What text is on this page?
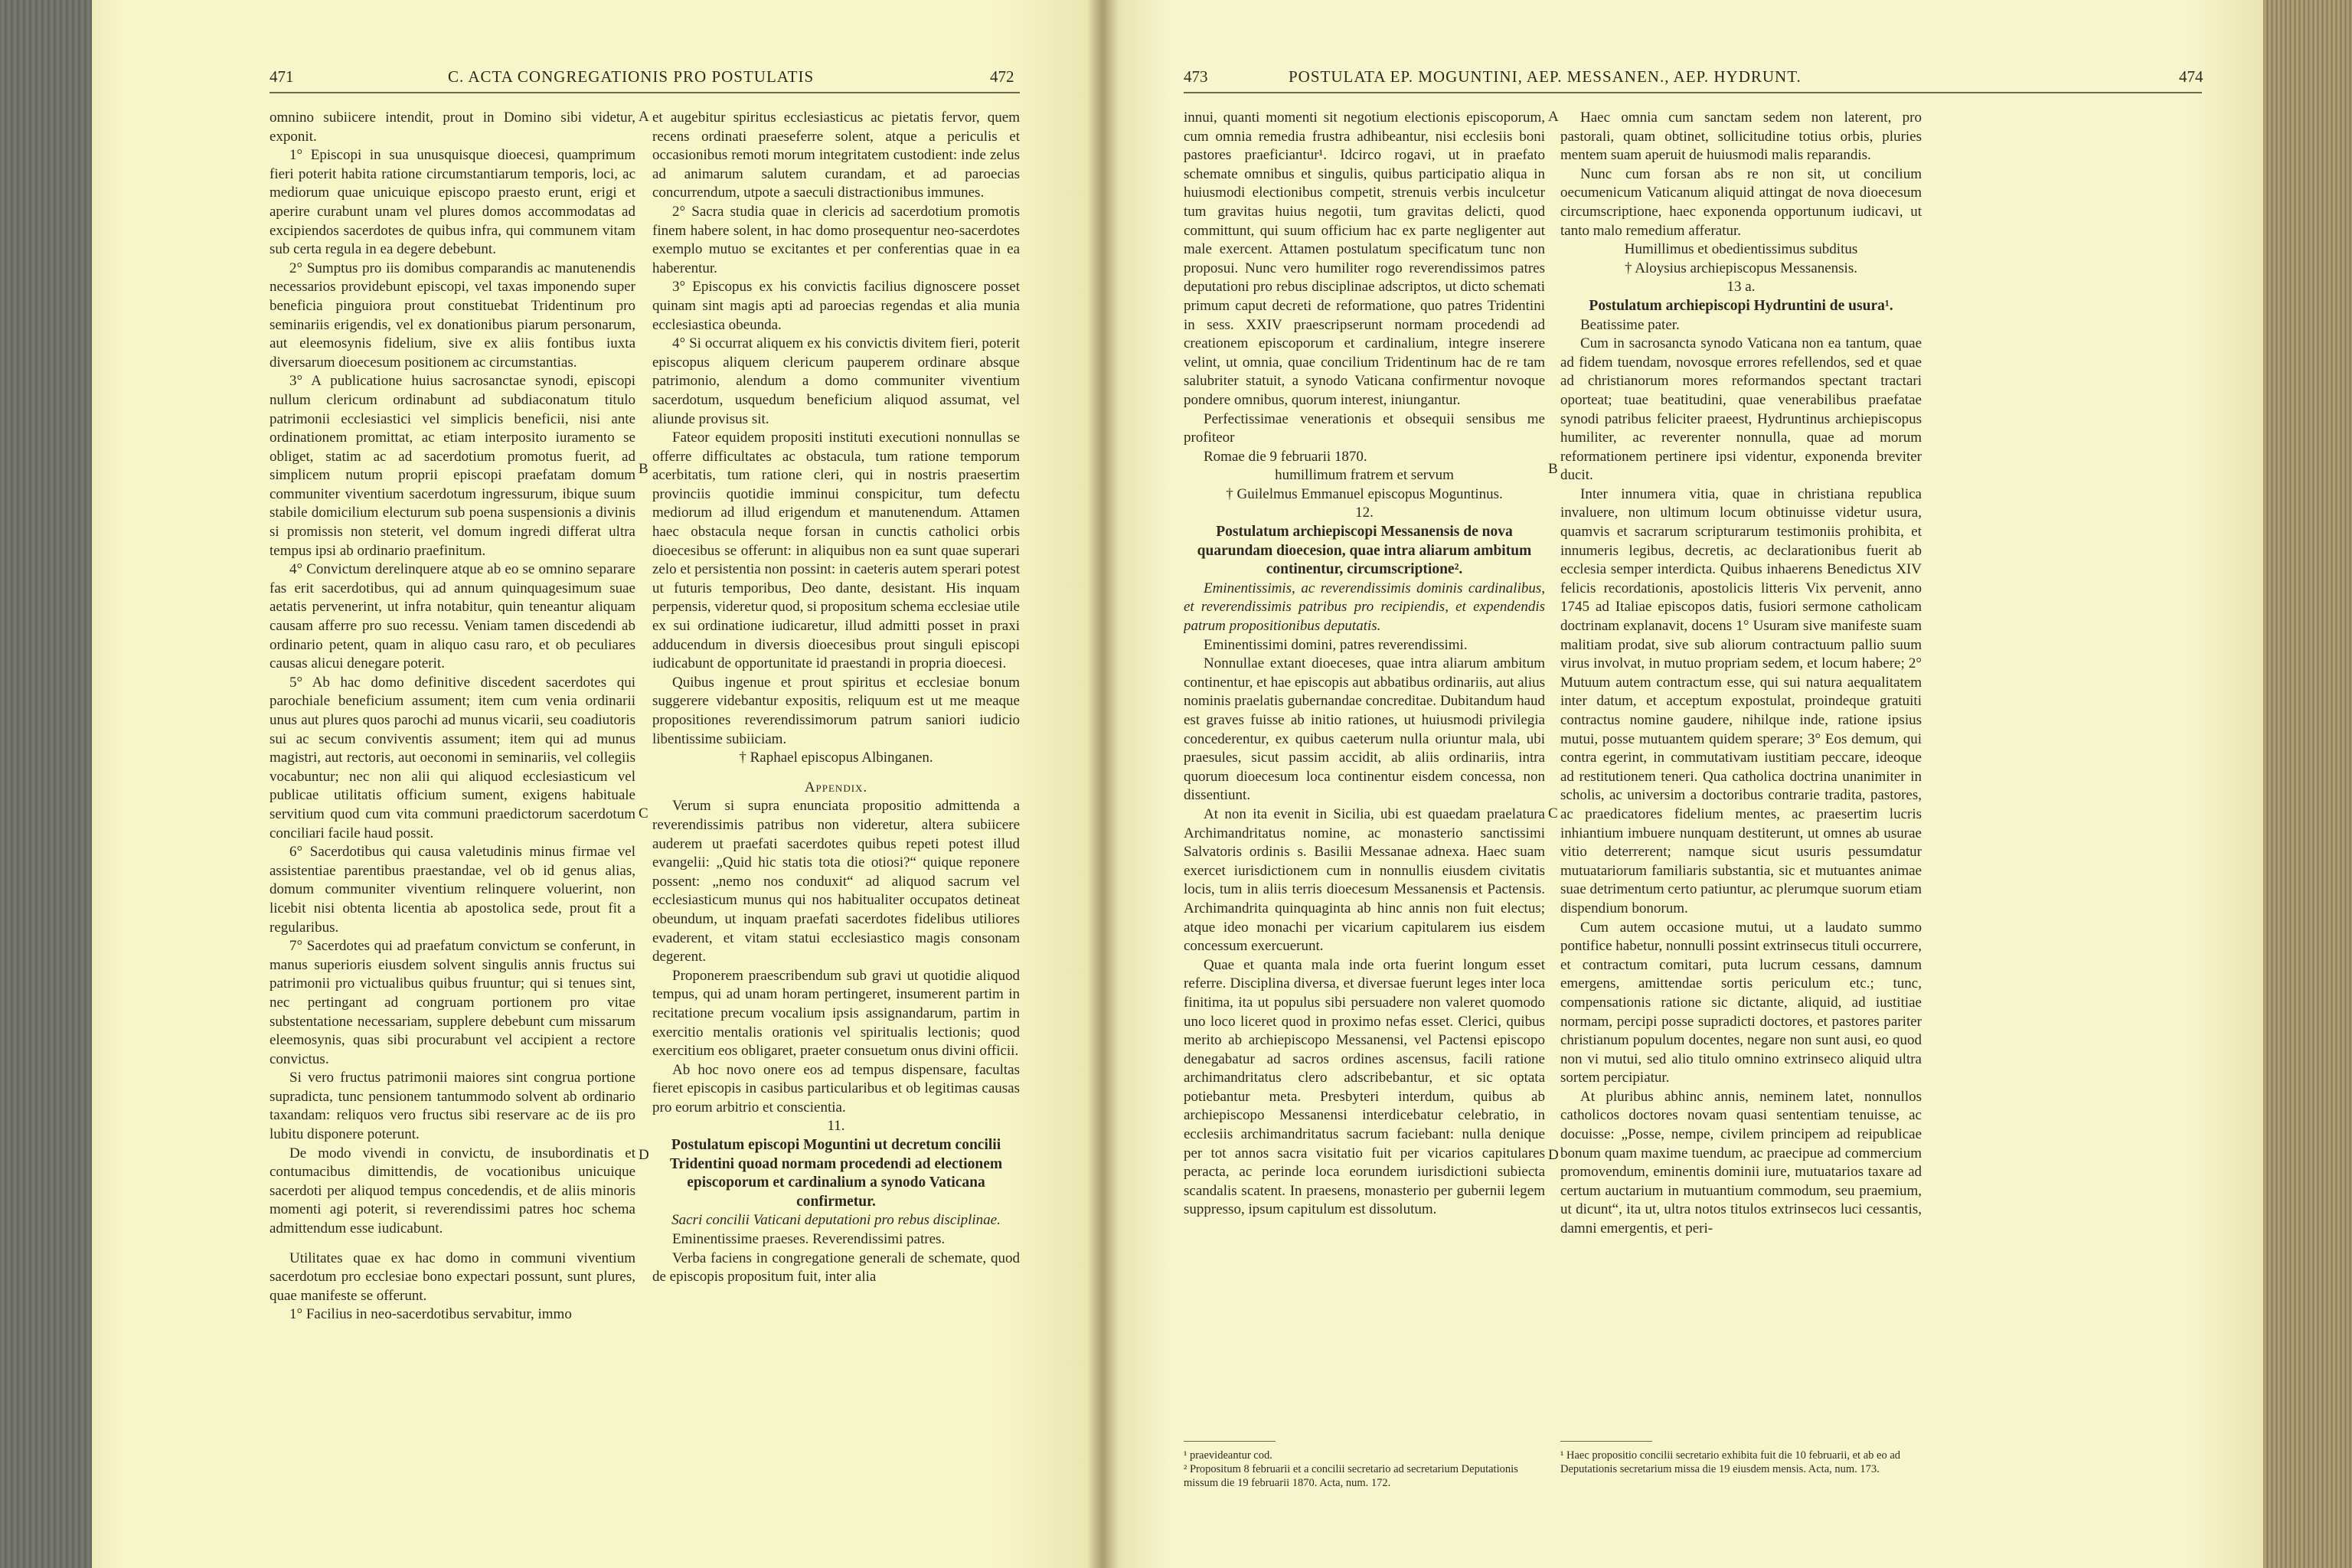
471	C. ACTA CONGREGATIONIS PRO POSTULATIS	472	473	POSTULATA EP. MOGUNTINI, AEP. MESSANEN., AEP. HYDRUNT.	474

omnino subiicere intendit, prout in Domino sibi videtur, exponit.

1° Episcopi in sua unusquisque dioecesi, quamprimum fieri poterit habita ratione circumstantiarum temporis, loci, ac mediorum quae unicuique episcopo praesto erunt, erigi et aperire curabunt unam vel plures domos accommodatas ad excipiendos sacerdotes de quibus infra, qui communem vitam sub certa regula in ea degere debebunt.

2° Sumptus pro iis domibus comparandis ac manutenendis necessarios providebunt episcopi, vel taxas imponendo super beneficia pinguiora prout constituebat Tridentinum pro seminariis erigendis, vel ex donationibus piarum personarum, aut eleemosynis fidelium, sive ex aliis fontibus iuxta diversarum dioecesum positionem ac circumstantias.

3° A publicatione huius sacrosanctae synodi, episcopi nullum clericum ordinabunt ad subdiaconatum titulo patrimonii ecclesiastici vel simplicis beneficii, nisi ante ordinationem promittat, ac etiam interposito iuramento se obliget, statim ac ad sacerdotium promotus fuerit, ad simplicem nutum proprii episcopi praefatam domum communiter viventium sacerdotum ingressurum, ibique suum stabile domicilium electurum sub poena suspensionis a divinis si promissis non steterit, vel domum ingredi differat ultra tempus ipsi ab ordinario praefinitum.

4° Convictum derelinquere atque ab eo se omnino separare fas erit sacerdotibus, qui ad annum quinquagesimum suae aetatis pervenerint, ut infra notabitur, quin teneantur aliquam causam afferre pro suo recessu. Veniam tamen discedendi ab ordinario petent, quam in aliquo casu raro, et ob peculiares causas alicui denegare poterit.

5° Ab hac domo definitive discedent sacerdotes qui parochiale beneficium assument; item cum venia ordinarii unus aut plures quos parochi ad munus vicarii, seu coadiutoris sui ac secum conviventis assument; item qui ad munus magistri, aut rectoris, aut oeconomi in seminariis, vel collegiis vocabuntur; nec non alii qui aliquod ecclesiasticum vel publicae utilitatis officium sument, exigens habituale servitium quod cum vita communi praedictorum sacerdotum conciliari facile haud possit.

6° Sacerdotibus qui causa valetudinis minus firmae vel assistentiae parentibus praestandae, vel ob id genus alias, domum communiter viventium relinquere voluerint, non licebit nisi obtenta licentia ab apostolica sede, prout fit a regularibus.

7° Sacerdotes qui ad praefatum convictum se conferunt, in manus superioris eiusdem solvent singulis annis fructus sui patrimonii pro victualibus quibus fruuntur; qui si tenues sint, nec pertingant ad congruam portionem pro vitae substentatione necessariam, supplere debebunt cum missarum eleemosynis, quas sibi procurabunt vel accipient a rectore convictus.

Si vero fructus patrimonii maiores sint congrua portione supradicta, tunc pensionem tantummodo solvent ab ordinario taxandam: reliquos vero fructus sibi reservare ac de iis pro lubitu disponere poterunt.

De modo vivendi in convictu, de insubordinatis et contumacibus dimittendis, de vocationibus unicuique sacerdoti per aliquod tempus concedendis, et de aliis minoris momenti agi poterit, si reverendissimi patres hoc schema admittendum esse iudicabunt.

Utilitates quae ex hac domo in communi viventium sacerdotum pro ecclesiae bono expectari possunt, sunt plures, quae manifeste se offerunt.

1° Facilius in neo-sacerdotibus servabitur, immo

et augebitur spiritus ecclesiasticus ac pietatis fervor, quem recens ordinati praeseferre solent, atque a periculis et occasionibus remoti morum integritatem custodient: inde zelus ad animarum salutem curandam, et ad paroecias concurrendum, utpote a saeculi distractionibus immunes.

2° Sacra studia quae in clericis ad sacerdotium promotis finem habere solent, in hac domo prosequentur neo-sacerdotes exemplo mutuo se excitantes et per conferentias quae in ea haberentur.

3° Episcopus ex his convictis facilius dignoscere posset quinam sint magis apti ad paroecias regendas et alia munia ecclesiastica obeunda.

4° Si occurrat aliquem ex his convictis divitem fieri, poterit episcopus aliquem clericum pauperem ordinare absque patrimonio, alendum a domo communiter viventium sacerdotum, usquedum beneficium aliquod assumat, vel aliunde provisus sit.

Fateor equidem propositi instituti executioni nonnullas se offerre difficultates ac obstacula, tum ratione temporum acerbitatis, tum ratione cleri, qui in nostris praesertim provinciis quotidie imminui conspicitur, tum defectu mediorum ad illud erigendum et manutenendum. Attamen haec obstacula neque forsan in cunctis catholici orbis dioecesibus se offerunt: in aliquibus non ea sunt quae superari zelo et persistentia non possint: in caeteris autem sperari potest ut futuris temporibus, Deo dante, desistant. His inquam perpensis, videretur quod, si propositum schema ecclesiae utile ex sui ordinatione iudicaretur, illud admitti posset in praxi adducendum in diversis dioecesibus prout singuli episcopi iudicabunt de opportunitate id praestandi in propria dioecesi.

Quibus ingenue et prout spiritus et ecclesiae bonum suggerere videbantur expositis, reliquum est ut me meaque propositiones reverendissimorum patrum saniori iudicio libentissime subiiciam.

† Raphael episcopus Albinganen.

Appendix.

Verum si supra enunciata propositio admittenda a reverendissimis patribus non videretur, altera subiicere auderem ut praefati sacerdotes quibus repeti potest illud evangelii: „Quid hic statis tota die otiosi?“ quique reponere possent: „nemo nos conduxit“ ad aliquod sacrum vel ecclesiasticum munus qui nos habitualiter occupatos detineat obeundum, ut inquam praefati sacerdotes fidelibus utiliores evaderent, et vitam statui ecclesiastico magis consonam degerent.

Proponerem praescribendum sub gravi ut quotidie aliquod tempus, qui ad unam horam pertingeret, insumerent partim in recitatione precum vocalium ipsis assignandarum, partim in exercitio mentalis orationis vel spiritualis lectionis; quod exercitium eos obligaret, praeter consuetum onus divini officii.

Ab hoc novo onere eos ad tempus dispensare, facultas fieret episcopis in casibus particularibus et ob legitimas causas pro eorum arbitrio et conscientia.

11.

Postulatum episcopi Moguntini ut decretum concilii Tridentini quoad normam procedendi ad electionem episcoporum et cardinalium a synodo Vaticana confirmetur.

Sacri concilii Vaticani deputationi pro rebus disciplinae.

Eminentissime praeses. Reverendissimi patres.

Verba faciens in congregatione generali de schemate, quod de episcopis propositum fuit, inter alia

innui, quanti momenti sit negotium electionis episcoporum, cum omnia remedia frustra adhibeantur, nisi ecclesiis boni pastores praeficiantur¹. Idcirco rogavi, ut in praefato schemate omnibus et singulis, quibus participatio aliqua in huiusmodi electionibus competit, strenuis verbis inculcetur tum gravitas huius negotii, tum gravitas delicti, quod committunt, qui suum officium hac ex parte negligenter aut male exercent. Attamen postulatum specificatum tunc non proposui. Nunc vero humiliter rogo reverendissimos patres deputationi pro rebus disciplinae adscriptos, ut dicto schemati primum caput decreti de reformatione, quo patres Tridentini in sess. XXIV praescripserunt normam procedendi ad creationem episcoporum et cardinalium, integre inserere velint, ut omnia, quae concilium Tridentinum hac de re tam salubriter statuit, a synodo Vaticana confirmentur novoque pondere omnibus, quorum interest, iniungantur.

Perfectissimae venerationis et obsequii sensibus me profiteor

Romae die 9 februarii 1870.

humillimum fratrem et servum

† Guilelmus Emmanuel episcopus Moguntinus.

12.

Postulatum archiepiscopi Messanensis de nova quarundam dioecesion, quae intra aliarum ambitum continentur, circumscriptione².

Eminentissimis, ac reverendissimis dominis cardinalibus, et reverendissimis patribus pro recipiendis, et expendendis patrum propositionibus deputatis.

Eminentissimi domini, patres reverendissimi.

Nonnullae extant dioeceses, quae intra aliarum ambitum continentur, et hae episcopis aut abbatibus ordinariis, aut alius nominis praelatis gubernandae concreditae. Dubitandum haud est graves fuisse ab initio rationes, ut huiusmodi privilegia concederentur, ex quibus caeterum nulla oriuntur mala, ubi praesules, sicut passim accidit, ab aliis ordinariis, intra quorum dioecesum loca continentur eisdem concessa, non dissentiunt.

At non ita evenit in Sicilia, ubi est quaedam praelatura Archimandritatus nomine, ac monasterio sanctissimi Salvatoris ordinis s. Basilii Messanae adnexa. Haec suam exercet iurisdictionem cum in nonnullis eiusdem civitatis locis, tum in aliis terris dioecesum Messanensis et Pactensis. Archimandrita quinquaginta ab hinc annis non fuit electus; atque ideo monachi per vicarium capitularem ius eisdem concessum exercuerunt.

Quae et quanta mala inde orta fuerint longum esset referre. Disciplina diversa, et diversae fuerunt leges inter loca finitima, ita ut populus sibi persuadere non valeret quomodo uno loco liceret quod in proximo nefas esset. Clerici, quibus merito ab archiepiscopo Messanensi, vel Pactensi episcopo denegabatur ad sacros ordines ascensus, facili ratione archimandritatus clero adscribebantur, et sic optata potiebantur meta. Presbyteri interdum, quibus ab archiepiscopo Messanensi interdicebatur celebratio, in ecclesiis archimandritatus sacrum faciebant: nulla denique per tot annos sacra visitatio fuit per vicarios capitulares peracta, ac perinde loca eorundem iurisdictioni subiecta scandalis scatent. In praesens, monasterio per gubernii legem suppresso, ipsum capitulum est dissolutum.

Haec omnia cum sanctam sedem non laterent, pro pastorali, quam obtinet, sollicitudine totius orbis, pluries mentem suam aperuit de huiusmodi malis reparandis.

Nunc cum forsan abs re non sit, ut concilium oecumenicum Vaticanum aliquid attingat de nova dioecesum circumscriptione, haec exponenda opportunum iudicavi, ut tanto malo remedium afferatur.

Humillimus et obedientissimus subditus

† Aloysius archiepiscopus Messanensis.

13 a.

Postulatum archiepiscopi Hydruntini de usura¹.

Beatissime pater.

Cum in sacrosancta synodo Vaticana non ea tantum, quae ad fidem tuendam, novosque errores refellendos, sed et quae ad christianorum mores reformandos spectant tractari oporteat; tuae beatitudini, quae venerabilibus praefatae synodi patribus feliciter praeest, Hydruntinus archiepiscopus humiliter, ac reverenter nonnulla, quae ad morum reformationem pertinere ipsi videntur, exponenda breviter ducit.

Inter innumera vitia, quae in christiana republica invaluere, non ultimum locum obtinuisse videtur usura, quamvis et sacrarum scripturarum testimoniis prohibita, et innumeris legibus, decretis, ac declarationibus fuerit ab ecclesia semper interdicta. Quibus inhaerens Benedictus XIV felicis recordationis, apostolicis litteris Vix pervenit, anno 1745 ad Italiae episcopos datis, fusiori sermone catholicam doctrinam explanavit, docens 1° Usuram sive manifeste suam malitiam prodat, sive sub aliorum contractuum pallio suum virus involvat, in mutuo propriam sedem, et locum habere; 2° Mutuum autem contractum esse, qui sui natura aequalitatem inter datum, et acceptum expostulat, proindeque gratuiti contractus nomine gaudere, nihilque inde, ratione ipsius mutui, posse mutuantem quidem sperare; 3° Eos demum, qui contra egerint, in commutativam iustitiam peccare, ideoque ad restitutionem teneri. Qua catholica doctrina unanimiter in scholis, ac universim a doctoribus contrarie tradita, pastores, ac praedicatores fidelium mentes, ac praesertim lucris inhiantium imbuere nunquam destiterunt, ut omnes ab usurae vitio deterrerent; namque sicut usuris pessumdatur mutuatariorum familiaris substantia, sic et mutuantes animae suae detrimentum certo patiuntur, ac plerumque suorum etiam dispendium bonorum.

Cum autem occasione mutui, ut a laudato summo pontifice habetur, nonnulli possint extrinsecus tituli occurrere, et contractum comitari, puta lucrum cessans, damnum emergens, amittendae sortis periculum etc.; tunc, compensationis ratione sic dictante, aliquid, ad iustitiae normam, percipi posse supradicti doctores, et pastores pariter christianum populum docentes, negare non sunt ausi, eo quod non vi mutui, sed alio titulo omnino extrinseco aliquid ultra sortem percipiatur.

At pluribus abhinc annis, neminem latet, nonnullos catholicos doctores novam quasi sententiam tenuisse, ac docuisse: „Posse, nempe, civilem principem ad reipublicae bonum quam maxime tuendum, ac praecipue ad commercium promovendum, eminentis dominii iure, mutuatarios taxare ad certum auctarium in mutuantium commodum, seu praemium, ut dicunt“, ita ut, ultra notos titulos extrinsecos luci cessantis, damni emergentis, et peri-

A
B
C
D
A
B
C
D
¹ praevideantur cod.
² Propositum 8 februarii et a concilii secretario ad secretarium Deputationis missum die 19 februarii 1870. Acta, num. 172.
¹ Haec propositio concilii secretario exhibita fuit die 10 februarii, et ab eo ad Deputationis secretarium missa die 19 eiusdem mensis. Acta, num. 173.
